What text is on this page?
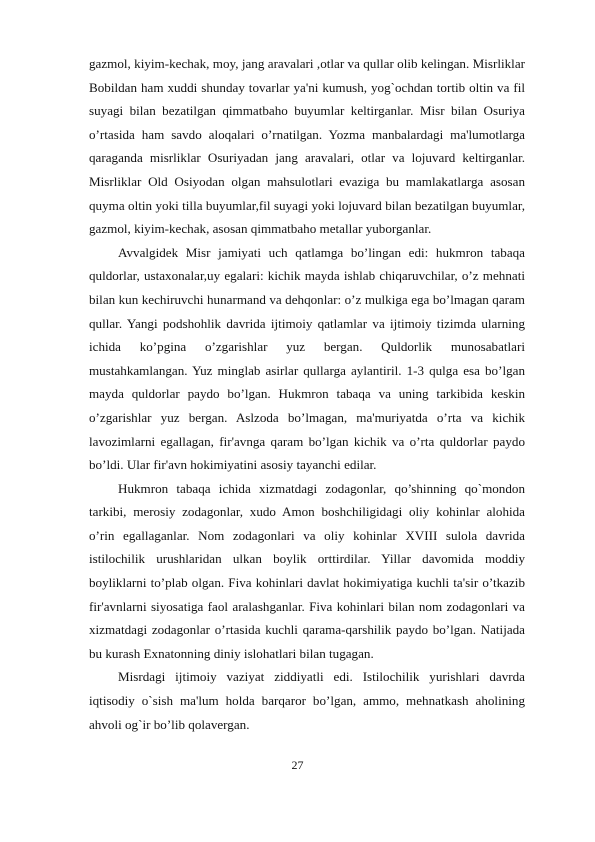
gazmol, kiyim-kechak, moy, jang aravalari ,otlar va qullar olib kelingan. Misrliklar Bobildan ham xuddi shunday tovarlar ya'ni kumush, yog`ochdan tortib oltin va fil suyagi bilan bezatilgan qimmatbaho buyumlar keltirganlar. Misr bilan Osuriya o’rtasida ham savdo aloqalari o’rnatilgan. Yozma manbalardagi ma'lumotlarga qaraganda misrliklar Osuriyadan jang aravalari, otlar va lojuvard keltirganlar. Misrliklar Old Osiyodan olgan mahsulotlari evaziga bu mamlakatlarga asosan quyma oltin yoki tilla buyumlar,fil suyagi yoki lojuvard bilan bezatilgan buyumlar, gazmol, kiyim-kechak, asosan qimmatbaho metallar yuborganlar.

Avvalgidek Misr jamiyati uch qatlamga bo’lingan edi: hukmron tabaqa quldorlar, ustaxonalar,uy egalari: kichik mayda ishlab chiqaruvchilar, o’z mehnati bilan kun kechiruvchi hunarmand va dehqonlar: o’z mulkiga ega bo’lmagan qaram qullar. Yangi podshohlik davrida ijtimoiy qatlamlar va ijtimoiy tizimda ularning ichida ko’pgina o’zgarishlar yuz bergan. Quldorlik munosabatlari mustahkamlangan. Yuz minglab asirlar qullarga aylantiril. 1-3 qulga esa bo’lgan mayda quldorlar paydo bo’lgan. Hukmron tabaqa va uning tarkibida keskin o’zgarishlar yuz bergan. Aslzoda bo’lmagan, ma'muriyatda o’rta va kichik lavozimlarni egallagan, fir'avnga qaram bo’lgan kichik va o’rta quldorlar paydo bo’ldi. Ular fir'avn hokimiyatini asosiy tayanchi edilar.

Hukmron tabaqa ichida xizmatdagi zodagonlar, qo’shinning qo`mondon tarkibi, merosiy zodagonlar, xudo Amon boshchiligidagi oliy kohinlar alohida o’rin egallaganlar. Nom zodagonlari va oliy kohinlar XVIII sulola davrida istilochilik urushlaridan ulkan boylik orttirdilar. Yillar davomida moddiy boyliklarni to’plab olgan. Fiva kohinlari davlat hokimiyatiga kuchli ta'sir o’tkazib fir'avnlarni siyosatiga faol aralashganlar. Fiva kohinlari bilan nom zodagonlari va xizmatdagi zodagonlar o’rtasida kuchli qarama-qarshilik paydo bo’lgan. Natijada bu kurash Exnatonning diniy islohatlari bilan tugagan.

Misrdagi ijtimoiy vaziyat ziddiyatli edi. Istilochilik yurishlari davrda iqtisodiy o`sish ma'lum holda barqaror bo’lgan, ammo, mehnatkash aholining ahvoli og`ir bo’lib qolavergan.

27
